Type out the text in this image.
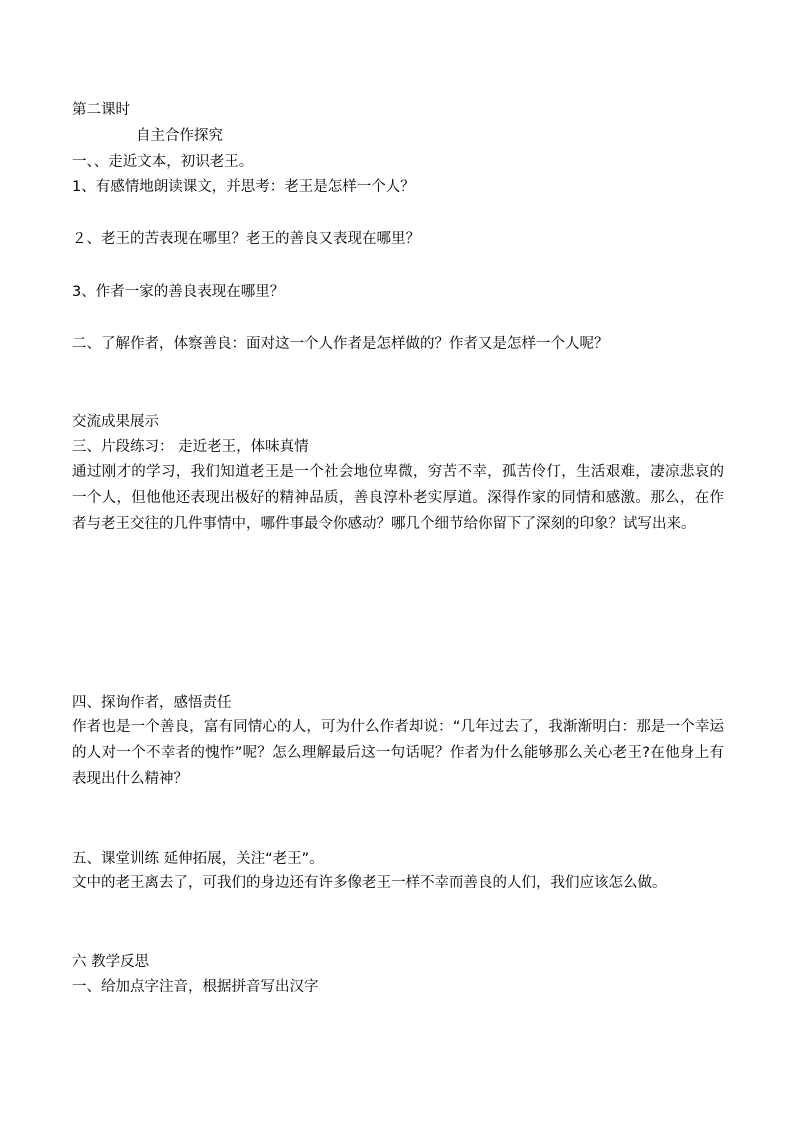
第二课时
自主合作探究
一、、走近文本，初识老王。
1、有感情地朗读课文，并思考：老王是怎样一个人？
２、老王的苦表现在哪里？老王的善良又表现在哪里？
3、作者一家的善良表现在哪里？
二、了解作者，体察善良：面对这一个人作者是怎样做的？作者又是怎样一个人呢？
交流成果展示
三、片段练习： 走近老王，体味真情
通过刚才的学习，我们知道老王是一个社会地位卑微，穷苦不幸，孤苦伶仃，生活艰难，凄凉悲哀的一个人，但他他还表现出极好的精神品质，善良淳朴老实厚道。深得作家的同情和感激。那么，在作者与老王交往的几件事情中，哪件事最令你感动？哪几个细节给你留下了深刻的印象？试写出来。
四、探询作者，感悟责任
作者也是一个善良，富有同情心的人，可为什么作者却说：“几年过去了，我渐渐明白：那是一个幸运的人对一个不幸者的愧怍”呢？怎么理解最后这一句话呢？作者为什么能够那么关心老王?在他身上有表现出什么精神？
五、课堂训练 延伸拓展，关注“老王”。
文中的老王离去了，可我们的身边还有许多像老王一样不幸而善良的人们，我们应该怎么做。
六 教学反思
一、给加点字注音，根据拼音写出汉字
